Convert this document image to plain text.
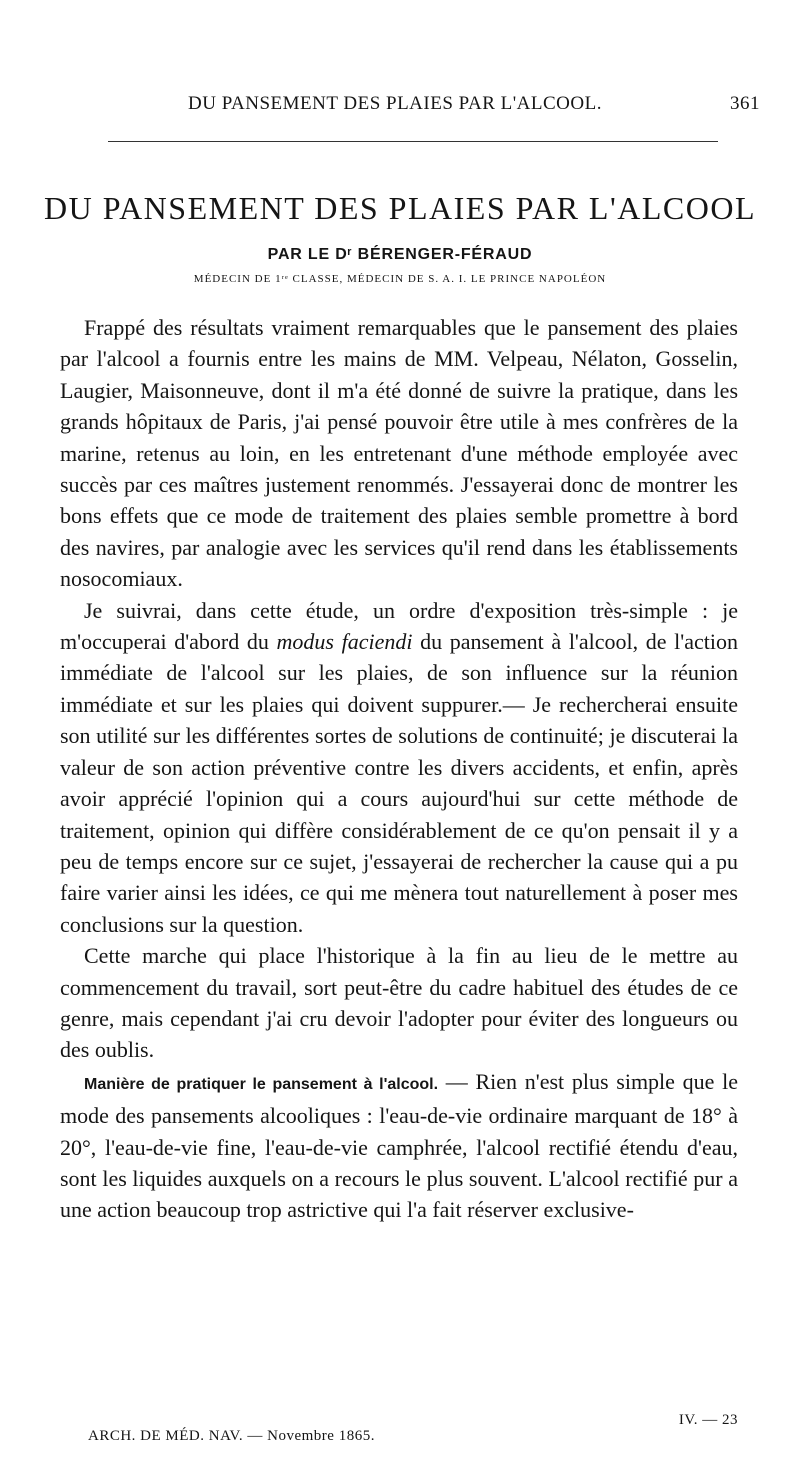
DU PANSEMENT DES PLAIES PAR L'ALCOOL.	361
DU PANSEMENT DES PLAIES PAR L'ALCOOL
PAR LE Dʳ BÉRENGER-FÉRAUD
MÉDECIN DE 1ʳᵉ CLASSE, MÉDECIN DE S. A. I. LE PRINCE NAPOLÉON

Frappé des résultats vraiment remarquables que le pansement des plaies par l'alcool a fournis entre les mains de MM. Velpeau, Nélaton, Gosselin, Laugier, Maisonneuve, dont il m'a été donné de suivre la pratique, dans les grands hôpitaux de Paris, j'ai pensé pouvoir être utile à mes confrères de la marine, retenus au loin, en les entretenant d'une méthode employée avec succès par ces maîtres justement renommés. J'essayerai donc de montrer les bons effets que ce mode de traitement des plaies semble promettre à bord des navires, par analogie avec les services qu'il rend dans les établissements nosocomiaux.

Je suivrai, dans cette étude, un ordre d'exposition très-simple : je m'occuperai d'abord du modus faciendi du pansement à l'alcool, de l'action immédiate de l'alcool sur les plaies, de son influence sur la réunion immédiate et sur les plaies qui doivent suppurer.— Je rechercherai ensuite son utilité sur les différentes sortes de solutions de continuité; je discuterai la valeur de son action préventive contre les divers accidents, et enfin, après avoir apprécié l'opinion qui a cours aujourd'hui sur cette méthode de traitement, opinion qui diffère considérablement de ce qu'on pensait il y a peu de temps encore sur ce sujet, j'essayerai de rechercher la cause qui a pu faire varier ainsi les idées, ce qui me mènera tout naturellement à poser mes conclusions sur la question.

Cette marche qui place l'historique à la fin au lieu de le mettre au commencement du travail, sort peut-être du cadre habituel des études de ce genre, mais cependant j'ai cru devoir l'adopter pour éviter des longueurs ou des oublis.

Manière de pratiquer le pansement à l'alcool. — Rien n'est plus simple que le mode des pansements alcooliques : l'eau-de-vie ordinaire marquant de 18° à 20°, l'eau-de-vie fine, l'eau-de-vie camphrée, l'alcool rectifié étendu d'eau, sont les liquides auxquels on a recours le plus souvent. L'alcool rectifié pur a une action beaucoup trop astrictive qui l'a fait réserver exclusive-

ARCH. DE MÉD. NAV. — Novembre 1865.
IV. — 23
